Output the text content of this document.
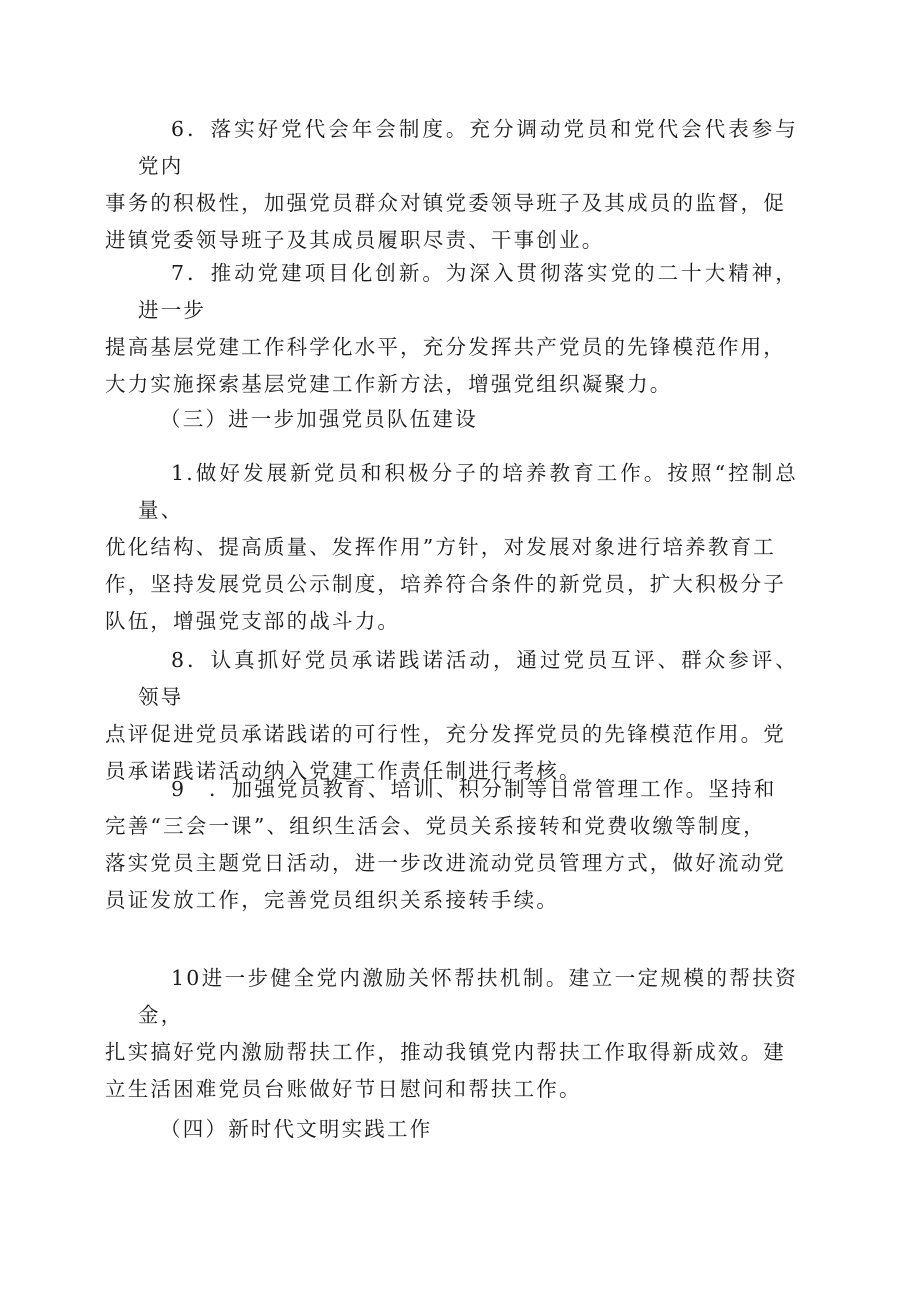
6．落实好党代会年会制度。充分调动党员和党代会代表参与党内
事务的积极性，加强党员群众对镇党委领导班子及其成员的监督，促
进镇党委领导班子及其成员履职尽责、干事创业。

7．推动党建项目化创新。为深入贯彻落实党的二十大精神，进一步
提高基层党建工作科学化水平，充分发挥共产党员的先锋模范作用，
大力实施探索基层党建工作新方法，增强党组织凝聚力。

（三）进一步加强党员队伍建设

1.做好发展新党员和积极分子的培养教育工作。按照“控制总量、
优化结构、提高质量、发挥作用”方针，对发展对象进行培养教育工
作，坚持发展党员公示制度，培养符合条件的新党员，扩大积极分子
队伍，增强党支部的战斗力。

8．认真抓好党员承诺践诺活动，通过党员互评、群众参评、领导
点评促进党员承诺践诺的可行性，充分发挥党员的先锋模范作用。党
员承诺践诺活动纳入党建工作责任制进行考核。

9　．加强党员教育、培训、积分制等日常管理工作。坚持和
完善“三会一课”、组织生活会、党员关系接转和党费收缴等制度，
落实党员主题党日活动，进一步改进流动党员管理方式，做好流动党
员证发放工作，完善党员组织关系接转手续。

10进一步健全党内激励关怀帮扶机制。建立一定规模的帮扶资金，
扎实搞好党内激励帮扶工作，推动我镇党内帮扶工作取得新成效。建
立生活困难党员台账做好节日慰问和帮扶工作。

（四）新时代文明实践工作
